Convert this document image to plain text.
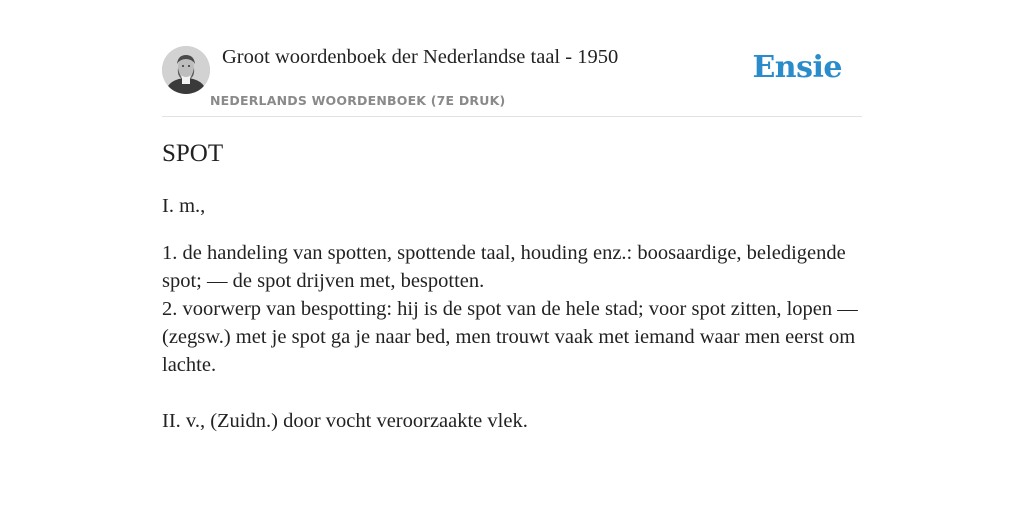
Groot woordenboek der Nederlandse taal - 1950
NEDERLANDS WOORDENBOEK (7E DRUK)
Ensie
SPOT

I. m.,

1. de handeling van spotten, spottende taal, houding enz.: boosaardige, beledigende spot; — de spot drijven met, bespotten.

2. voorwerp van bespotting: hij is de spot van de hele stad; voor spot zitten, lopen — (zegsw.) met je spot ga je naar bed, men trouwt vaak met iemand waar men eerst om lachte.

II. v., (Zuidn.) door vocht veroorzaakte vlek.
